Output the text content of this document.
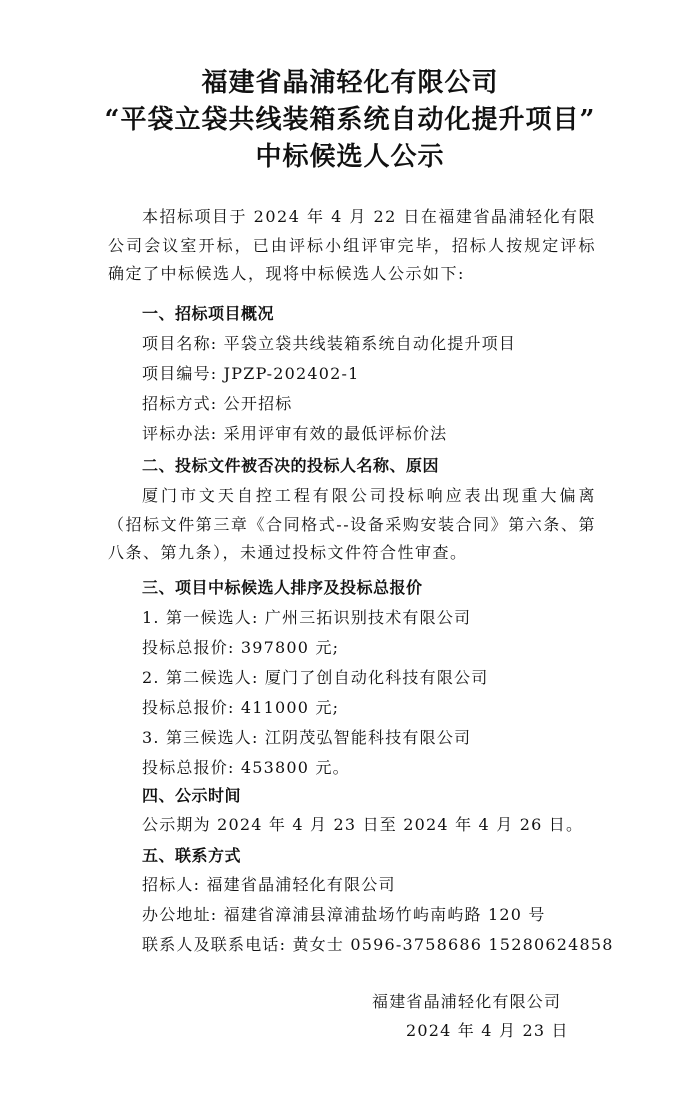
福建省晶浦轻化有限公司
“平袋立袋共线装箱系统自动化提升项目”
中标候选人公示
本招标项目于 2024 年 4 月 22 日在福建省晶浦轻化有限公司会议室开标，已由评标小组评审完毕，招标人按规定评标确定了中标候选人，现将中标候选人公示如下:
一、招标项目概况
项目名称: 平袋立袋共线装箱系统自动化提升项目
项目编号: JPZP-202402-1
招标方式: 公开招标
评标办法: 采用评审有效的最低评标价法
二、投标文件被否决的投标人名称、原因
厦门市文天自控工程有限公司投标响应表出现重大偏离（招标文件第三章《合同格式--设备采购安装合同》第六条、第八条、第九条），未通过投标文件符合性审查。
三、项目中标候选人排序及投标总报价
1. 第一候选人: 广州三拓识别技术有限公司
投标总报价: 397800 元;
2. 第二候选人: 厦门了创自动化科技有限公司
投标总报价: 411000 元;
3. 第三候选人: 江阴茂弘智能科技有限公司
投标总报价: 453800 元。
四、公示时间
公示期为 2024 年 4 月 23 日至 2024 年 4 月 26 日。
五、联系方式
招标人: 福建省晶浦轻化有限公司
办公地址: 福建省漳浦县漳浦盐场竹屿南屿路 120 号
联系人及联系电话: 黄女士 0596-3758686 15280624858
福建省晶浦轻化有限公司
2024 年 4 月 23 日
